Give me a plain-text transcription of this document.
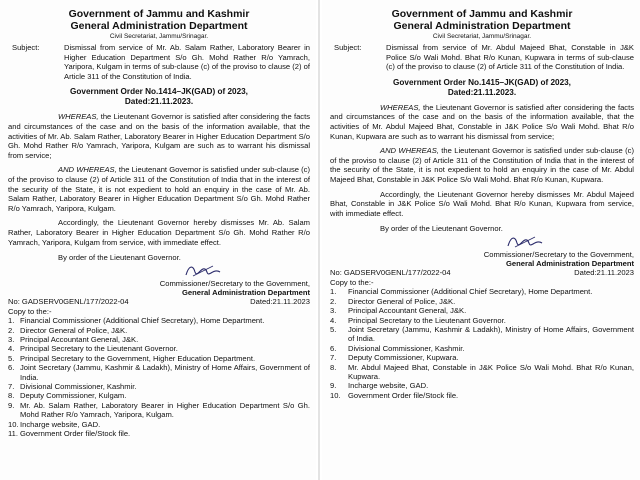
Government of Jammu and Kashmir
General Administration Department
Civil Secretariat, Jammu/Srinagar.
Subject:	Dismissal from service of Mr. Ab. Salam Rather, Laboratory Bearer in Higher Education Department S/o Gh. Mohd Rather R/o Yamrach, Yaripora, Kulgam in terms of sub-clause (c) of the proviso to clause (2) of Article 311 of the Constitution of India.
Government Order No.1414–JK(GAD) of 2023,
Dated:21.11.2023.
WHEREAS, the Lieutenant Governor is satisfied after considering the facts and circumstances of the case and on the basis of the information available, that the activities of Mr. Ab. Salam Rather, Laboratory Bearer in Higher Education Department S/o Gh. Mohd Rather R/o Yamrach, Yaripora, Kulgam are such as to warrant his dismissal from service;
AND WHEREAS, the Lieutenant Governor is satisfied under sub-clause (c) of the proviso to clause (2) of Article 311 of the Constitution of India that in the interest of the security of the State, it is not expedient to hold an enquiry in the case of Mr. Ab. Salam Rather, Laboratory Bearer in Higher Education Department S/o Gh. Mohd Rather R/o Yamrach, Yaripora, Kulgam.
Accordingly, the Lieutenant Governor hereby dismisses Mr. Ab. Salam Rather, Laboratory Bearer in Higher Education Department S/o Gh. Mohd Rather R/o Yamrach, Yaripora, Kulgam from service, with immediate effect.
By order of the Lieutenant Governor.
Commissioner/Secretary to the Government,
General Administration Department
No: GADSERV0GENL/177/2022-04	Dated:21.11.2023
Copy to the:-
1. Financial Commissioner (Additional Chief Secretary), Home Department.
2. Director General of Police, J&K.
3. Principal Accountant General, J&K.
4. Principal Secretary to the Lieutenant Governor.
5. Principal Secretary to the Government, Higher Education Department.
6. Joint Secretary (Jammu, Kashmir & Ladakh), Ministry of Home Affairs, Government of India.
7. Divisional Commissioner, Kashmir.
8. Deputy Commissioner, Kulgam.
9. Mr. Ab. Salam Rather, Laboratory Bearer in Higher Education Department S/o Gh. Mohd Rather R/o Yamrach, Yaripora, Kulgam.
10. Incharge website, GAD.
11. Government Order file/Stock file.
Government of Jammu and Kashmir
General Administration Department
Civil Secretariat, Jammu/Srinagar.
Subject:	Dismissal from service of Mr. Abdul Majeed Bhat, Constable in J&K Police S/o Wali Mohd. Bhat R/o Kunan, Kupwara in terms of sub-clause (c) of the proviso to clause (2) of Article 311 of the Constitution of India.
Government Order No.1415–JK(GAD) of 2023,
Dated:21.11.2023.
WHEREAS, the Lieutenant Governor is satisfied after considering the facts and circumstances of the case and on the basis of the information available, that the activities of Mr. Abdul Majeed Bhat, Constable in J&K Police S/o Wali Mohd. Bhat R/o Kunan, Kupwara are such as to warrant his dismissal from service;
AND WHEREAS, the Lieutenant Governor is satisfied under sub-clause (c) of the proviso to clause (2) of Article 311 of the Constitution of India that in the interest of the security of the State, it is not expedient to hold an enquiry in the case of Mr. Abdul Majeed Bhat, Constable in J&K Police S/o Wali Mohd. Bhat R/o Kunan, Kupwara.
Accordingly, the Lieutenant Governor hereby dismisses Mr. Abdul Majeed Bhat, Constable in J&K Police S/o Wali Mohd. Bhat R/o Kunan, Kupwara from service, with immediate effect.
By order of the Lieutenant Governor.
Commissioner/Secretary to the Government,
General Administration Department
No: GADSERV0GENL/177/2022-04	Dated:21.11.2023
Copy to the:-
1.	Financial Commissioner (Additional Chief Secretary), Home Department.
2.	Director General of Police, J&K.
3.	Principal Accountant General, J&K.
4.	Principal Secretary to the Lieutenant Governor.
5.	Joint Secretary (Jammu, Kashmir & Ladakh), Ministry of Home Affairs, Government of India.
6.	Divisional Commissioner, Kashmir.
7.	Deputy Commissioner, Kupwara.
8.	Mr. Abdul Majeed Bhat, Constable in J&K Police S/o Wali Mohd. Bhat R/o Kunan, Kupwara.
9.	Incharge website, GAD.
10. Government Order file/Stock file.
